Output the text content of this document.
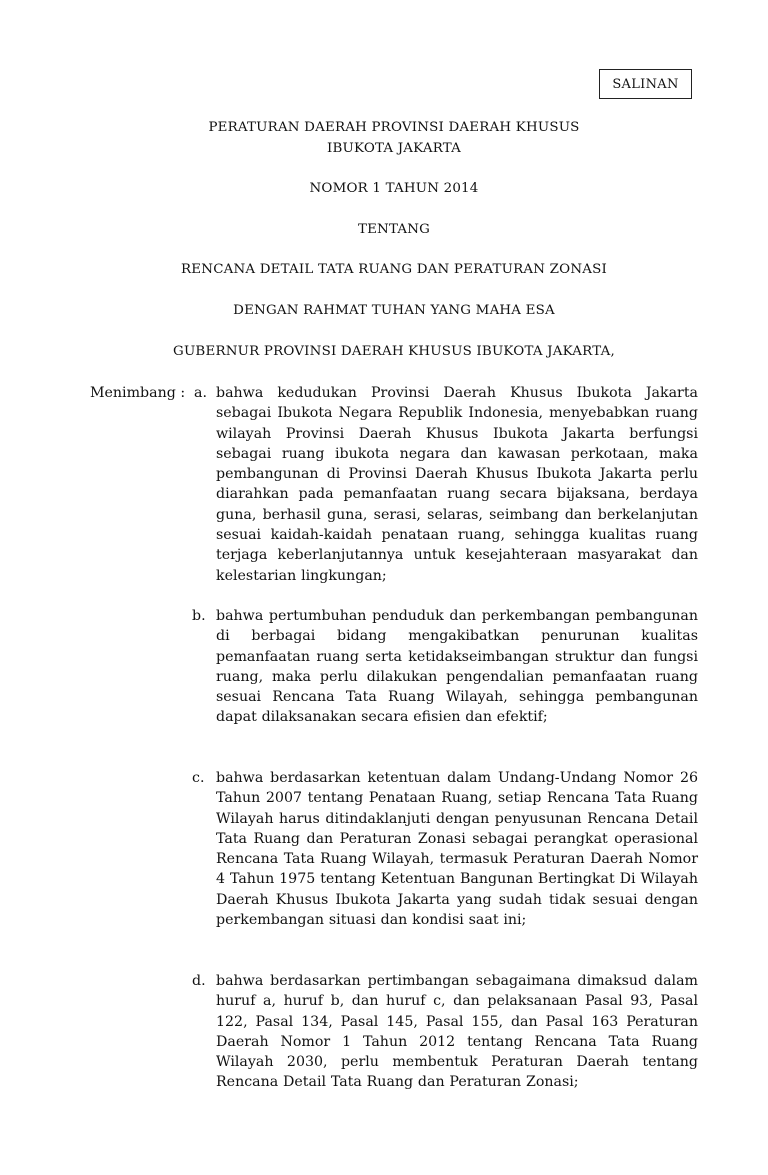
SALINAN
PERATURAN DAERAH PROVINSI DAERAH KHUSUS
IBUKOTA JAKARTA
NOMOR 1 TAHUN 2014
TENTANG
RENCANA DETAIL TATA RUANG DAN PERATURAN ZONASI
DENGAN RAHMAT TUHAN YANG MAHA ESA
GUBERNUR PROVINSI DAERAH KHUSUS IBUKOTA JAKARTA,
Menimbang : a. bahwa kedudukan Provinsi Daerah Khusus Ibukota Jakarta sebagai Ibukota Negara Republik Indonesia, menyebabkan ruang wilayah Provinsi Daerah Khusus Ibukota Jakarta berfungsi sebagai ruang ibukota negara dan kawasan perkotaan, maka pembangunan di Provinsi Daerah Khusus Ibukota Jakarta perlu diarahkan pada pemanfaatan ruang secara bijaksana, berdaya guna, berhasil guna, serasi, selaras, seimbang dan berkelanjutan sesuai kaidah-kaidah penataan ruang, sehingga kualitas ruang terjaga keberlanjutannya untuk kesejahteraan masyarakat dan kelestarian lingkungan;
b. bahwa pertumbuhan penduduk dan perkembangan pembangunan di berbagai bidang mengakibatkan penurunan kualitas pemanfaatan ruang serta ketidakseimbangan struktur dan fungsi ruang, maka perlu dilakukan pengendalian pemanfaatan ruang sesuai Rencana Tata Ruang Wilayah, sehingga pembangunan dapat dilaksanakan secara efisien dan efektif;
c. bahwa berdasarkan ketentuan dalam Undang-Undang Nomor 26 Tahun 2007 tentang Penataan Ruang, setiap Rencana Tata Ruang Wilayah harus ditindaklanjuti dengan penyusunan Rencana Detail Tata Ruang dan Peraturan Zonasi sebagai perangkat operasional Rencana Tata Ruang Wilayah, termasuk Peraturan Daerah Nomor 4 Tahun 1975 tentang Ketentuan Bangunan Bertingkat Di Wilayah Daerah Khusus Ibukota Jakarta yang sudah tidak sesuai dengan perkembangan situasi dan kondisi saat ini;
d. bahwa berdasarkan pertimbangan sebagaimana dimaksud dalam huruf a, huruf b, dan huruf c, dan pelaksanaan Pasal 93, Pasal 122, Pasal 134, Pasal 145, Pasal 155, dan Pasal 163 Peraturan Daerah Nomor 1 Tahun 2012 tentang Rencana Tata Ruang Wilayah 2030, perlu membentuk Peraturan Daerah tentang Rencana Detail Tata Ruang dan Peraturan Zonasi;
